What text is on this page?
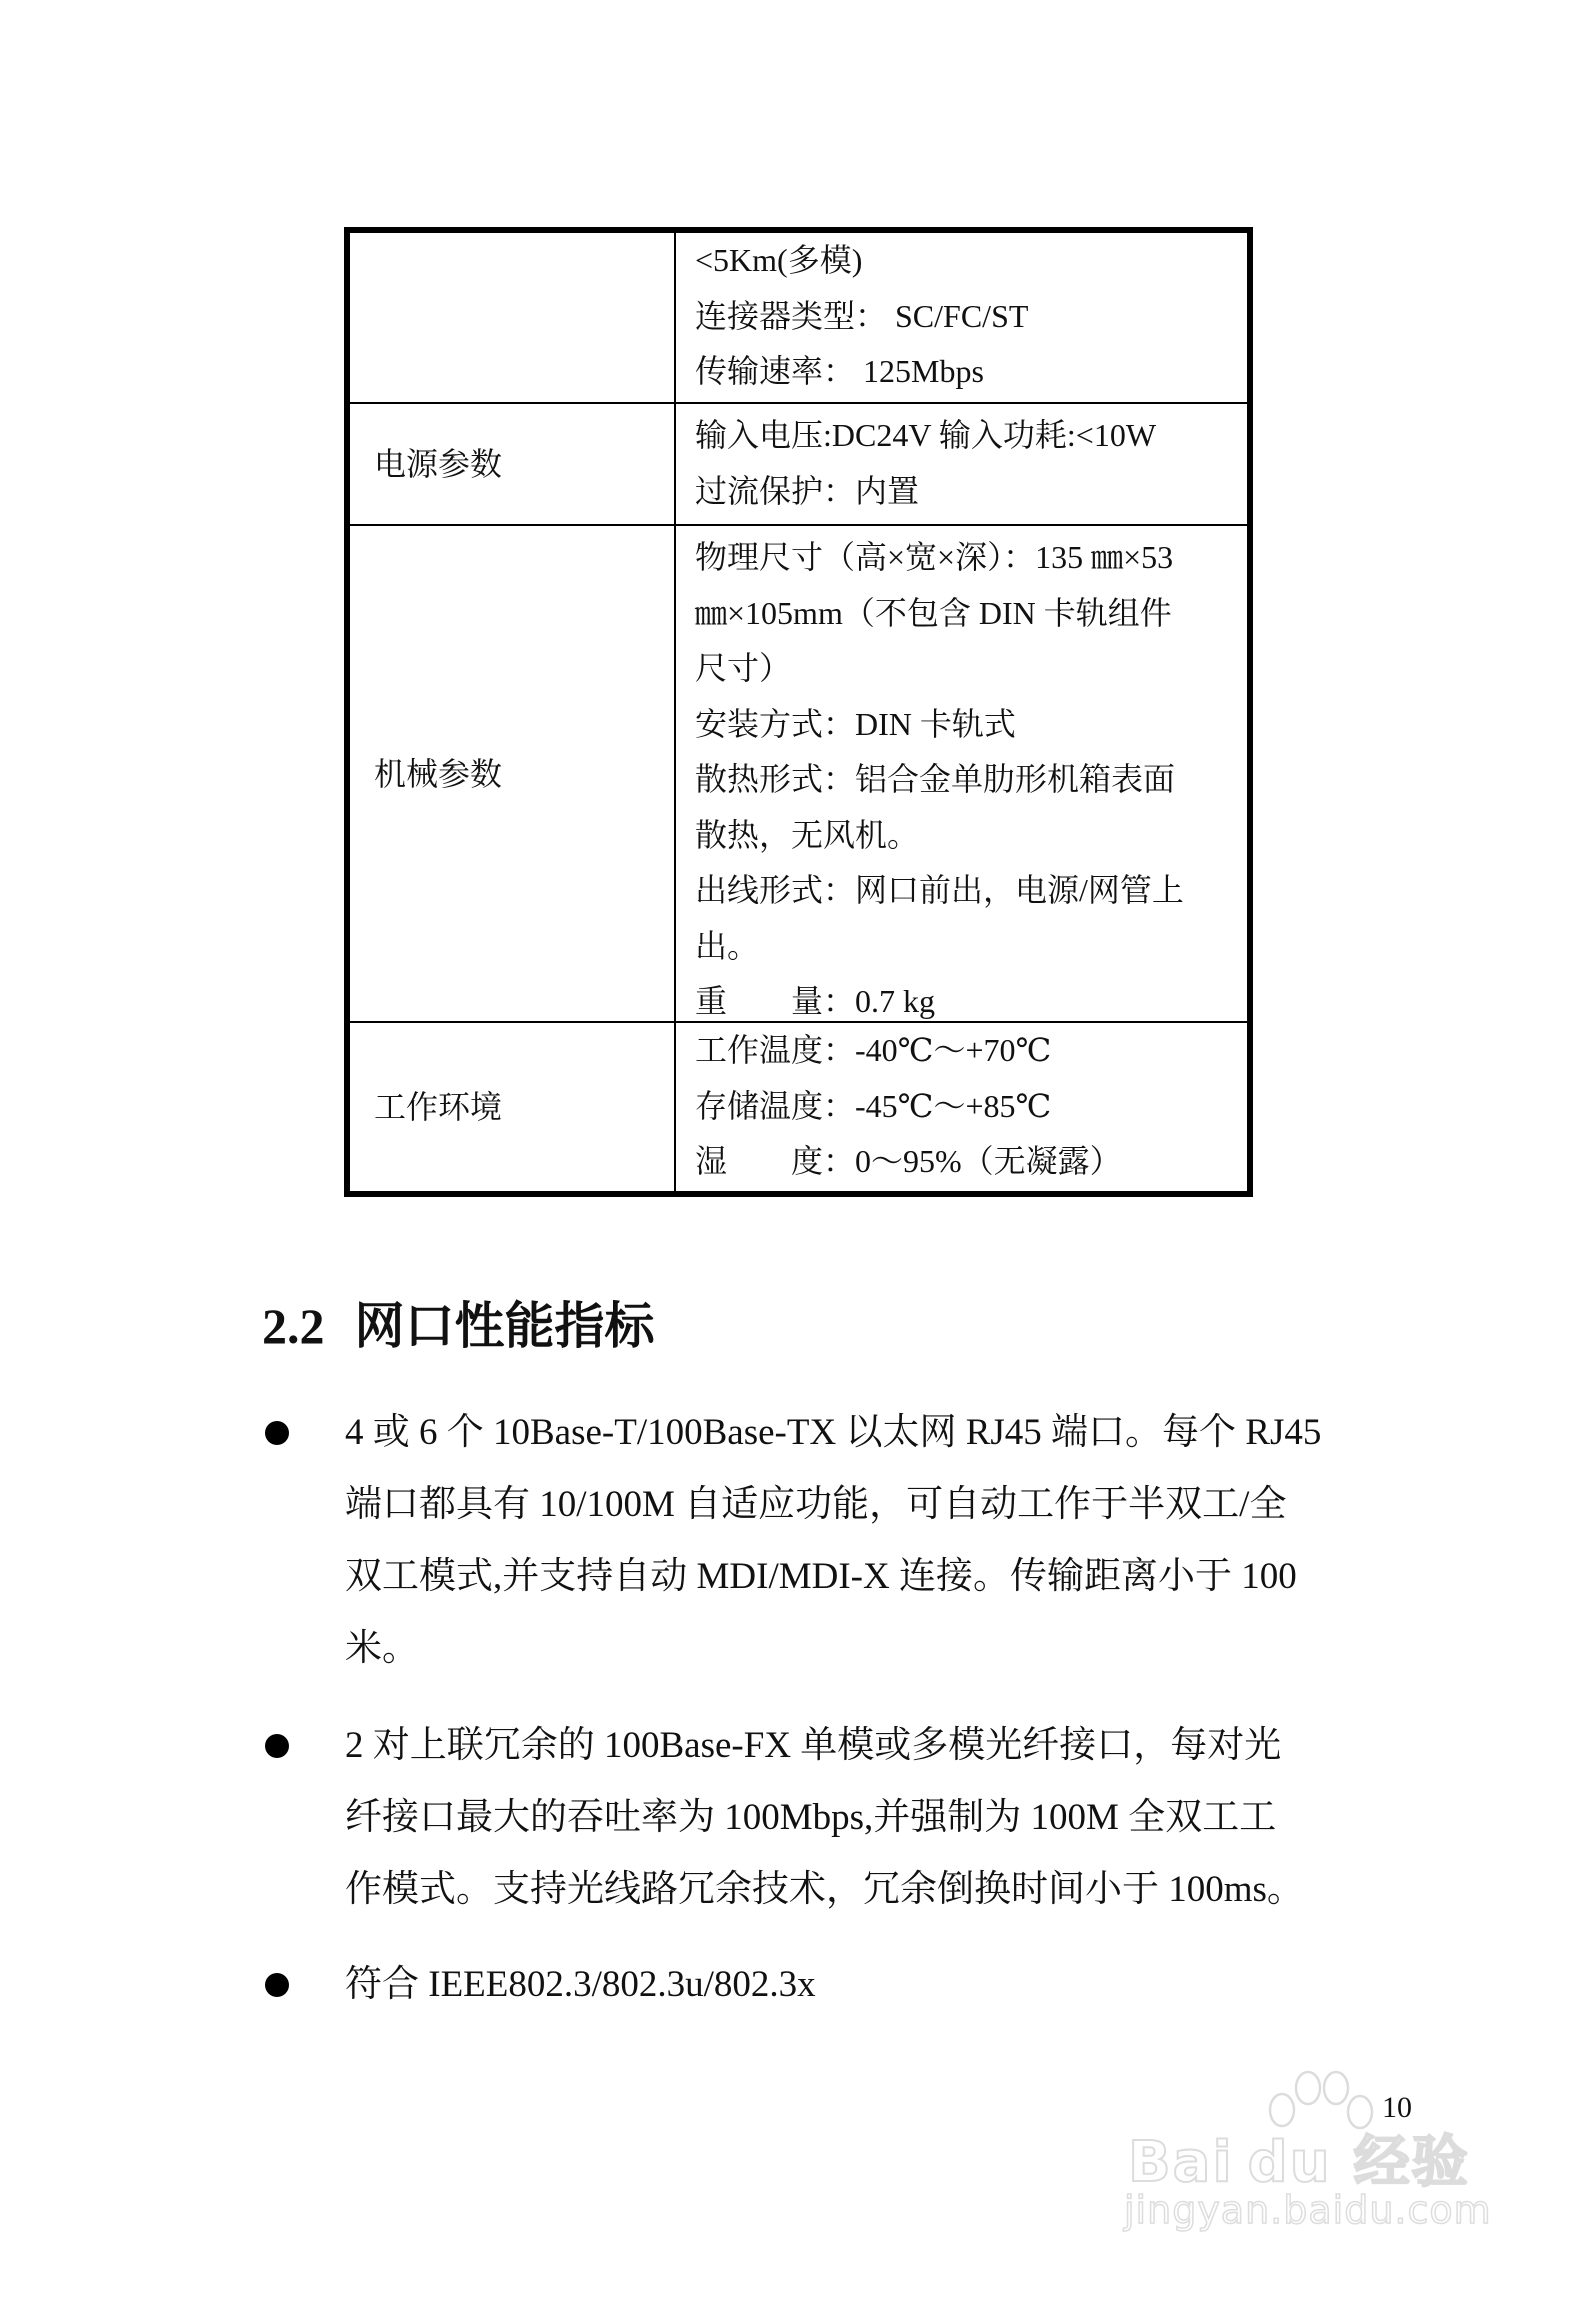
<5Km(多模)
连接器类型： SC/FC/ST
传输速率： 125Mbps
电源参数
输入电压:DC24V 输入功耗:<10W
过流保护：内置
机械参数
物理尺寸（高×宽×深）：135 ㎜×53
㎜×105mm（不包含 DIN 卡轨组件
尺寸）
安装方式：DIN 卡轨式
散热形式：铝合金单肋形机箱表面
散热，无风机。
出线形式：网口前出，电源/网管上
出。
重　　量：0.7 kg
工作环境
工作温度：-40℃～+70℃
存储温度：-45℃～+85℃
湿　　度：0～95%（无凝露）
2.2 网口性能指标
4 或 6 个 10Base-T/100Base-TX 以太网 RJ45 端口。每个 RJ45
端口都具有 10/100M 自适应功能，可自动工作于半双工/全
双工模式,并支持自动 MDI/MDI-X 连接。传输距离小于 100
米。
2 对上联冗余的 100Base-FX 单模或多模光纤接口，每对光
纤接口最大的吞吐率为 100Mbps,并强制为 100M 全双工工
作模式。支持光线路冗余技术，冗余倒换时间小于 100ms。
符合 IEEE802.3/802.3u/802.3x
Bai du 经验
jingyan.baidu.com
10
